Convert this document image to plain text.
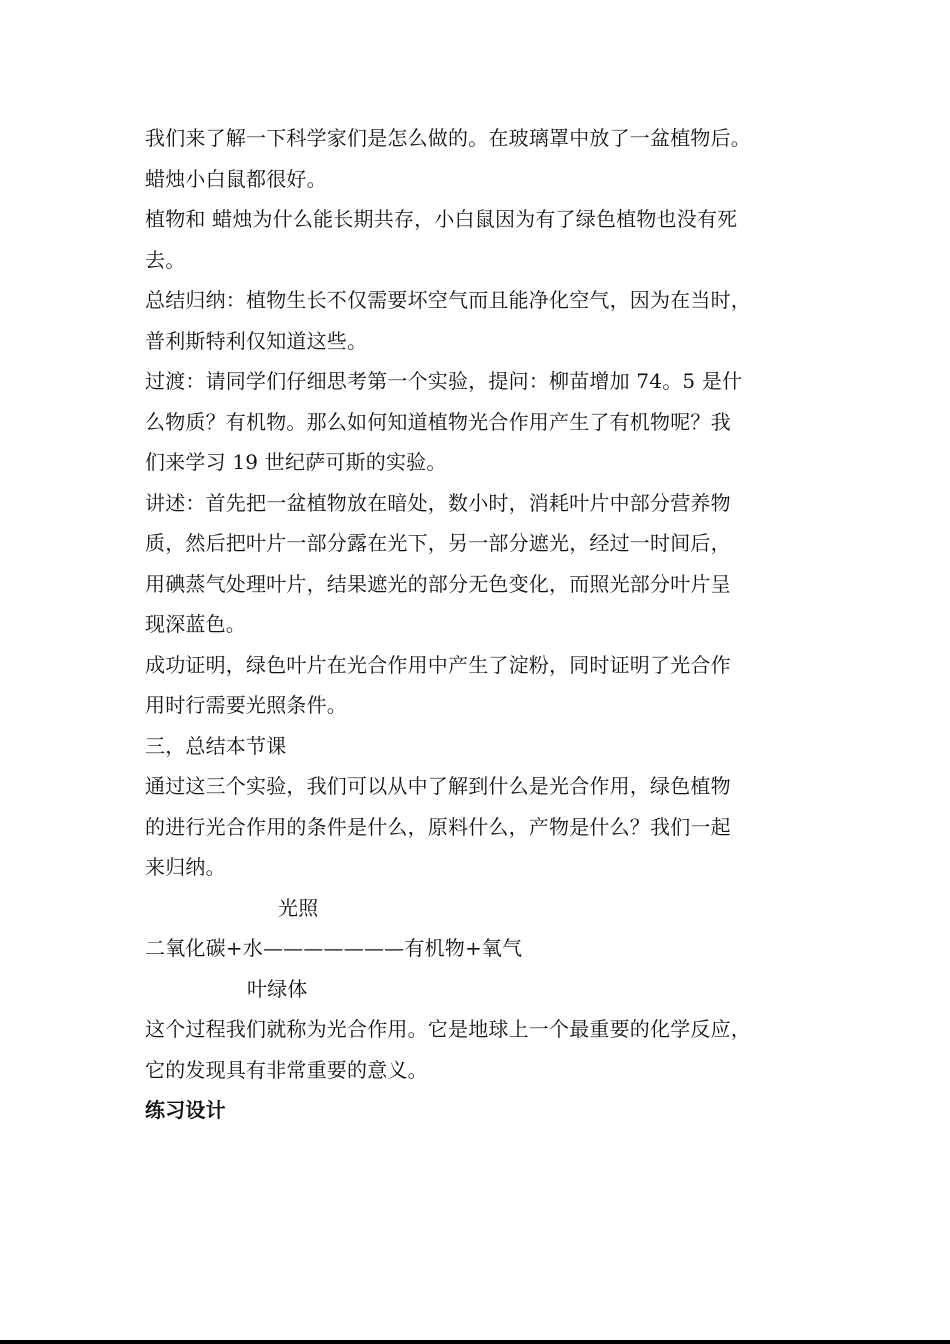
我们来了解一下科学家们是怎么做的。在玻璃罩中放了一盆植物后。
蜡烛小白鼠都很好。
植物和 蜡烛为什么能长期共存，小白鼠因为有了绿色植物也没有死
去。
总结归纳：植物生长不仅需要坏空气而且能净化空气，因为在当时，
普利斯特利仅知道这些。
过渡：请同学们仔细思考第一个实验，提问：柳苗增加 74。5 是什
么物质？有机物。那么如何知道植物光合作用产生了有机物呢？我
们来学习 19 世纪萨可斯的实验。
讲述：首先把一盆植物放在暗处，数小时，消耗叶片中部分营养物
质，然后把叶片一部分露在光下，另一部分遮光，经过一时间后，
用碘蒸气处理叶片，结果遮光的部分无色变化，而照光部分叶片呈
现深蓝色。
成功证明，绿色叶片在光合作用中产生了淀粉，同时证明了光合作
用时行需要光照条件。
三，总结本节课
通过这三个实验，我们可以从中了解到什么是光合作用，绿色植物
的进行光合作用的条件是什么，原料什么，产物是什么？我们一起
来归纳。
光照
二氧化碳+水———————有机物+氧气
叶绿体
这个过程我们就称为光合作用。它是地球上一个最重要的化学反应，
它的发现具有非常重要的意义。
练习设计
